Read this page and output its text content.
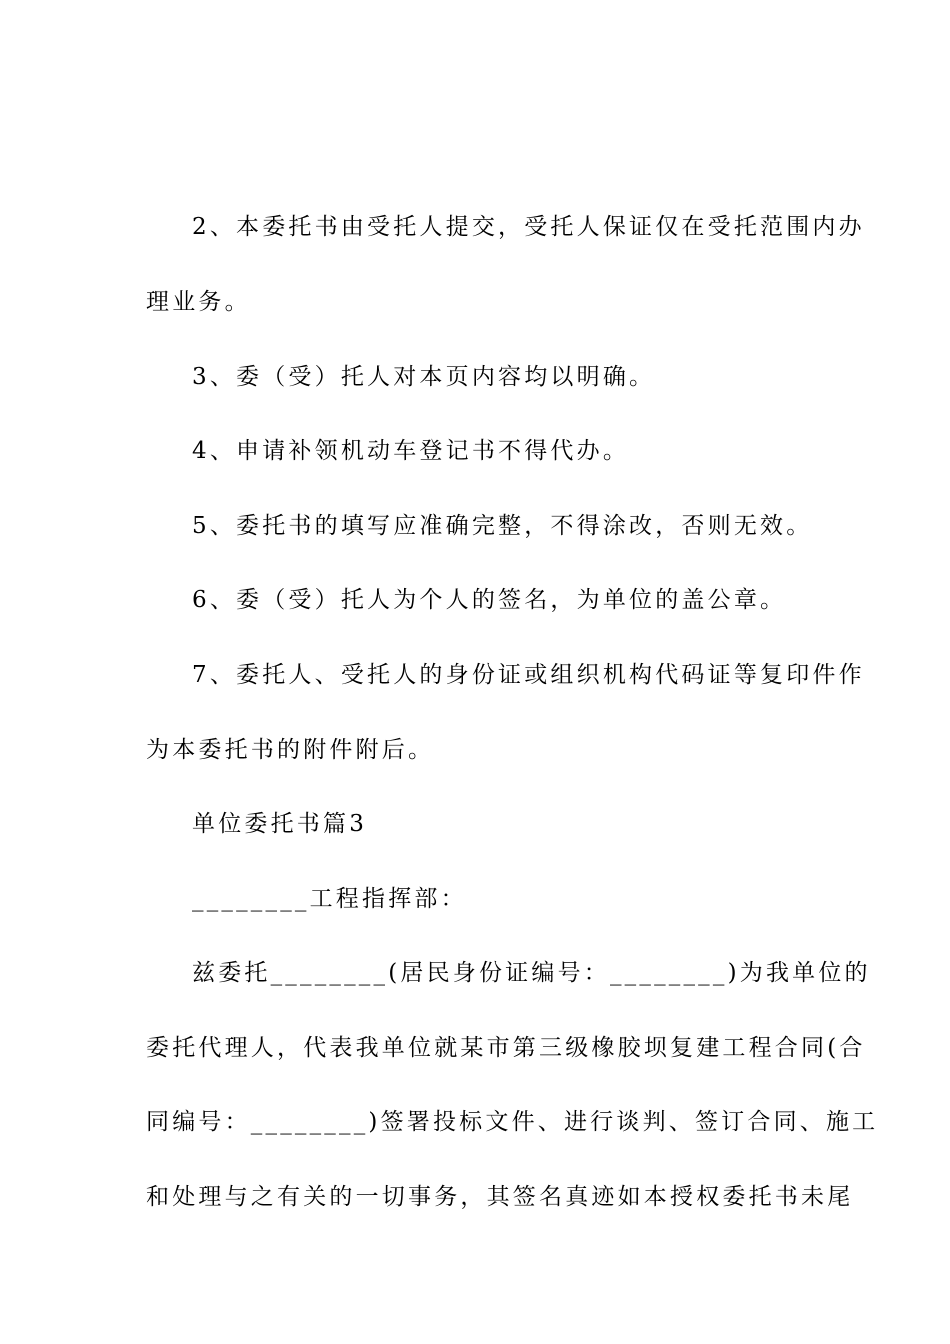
2、本委托书由受托人提交，受托人保证仅在受托范围内办
理业务。
3、委（受）托人对本页内容均以明确。
4、申请补领机动车登记书不得代办。
5、委托书的填写应准确完整，不得涂改，否则无效。
6、委（受）托人为个人的签名，为单位的盖公章。
7、委托人、受托人的身份证或组织机构代码证等复印件作
为本委托书的附件附后。
单位委托书篇3
________工程指挥部：
兹委托________(居民身份证编号：________)为我单位的
委托代理人，代表我单位就某市第三级橡胶坝复建工程合同(合
同编号：________)签署投标文件、进行谈判、签订合同、施工
和处理与之有关的一切事务，其签名真迹如本授权委托书未尾
